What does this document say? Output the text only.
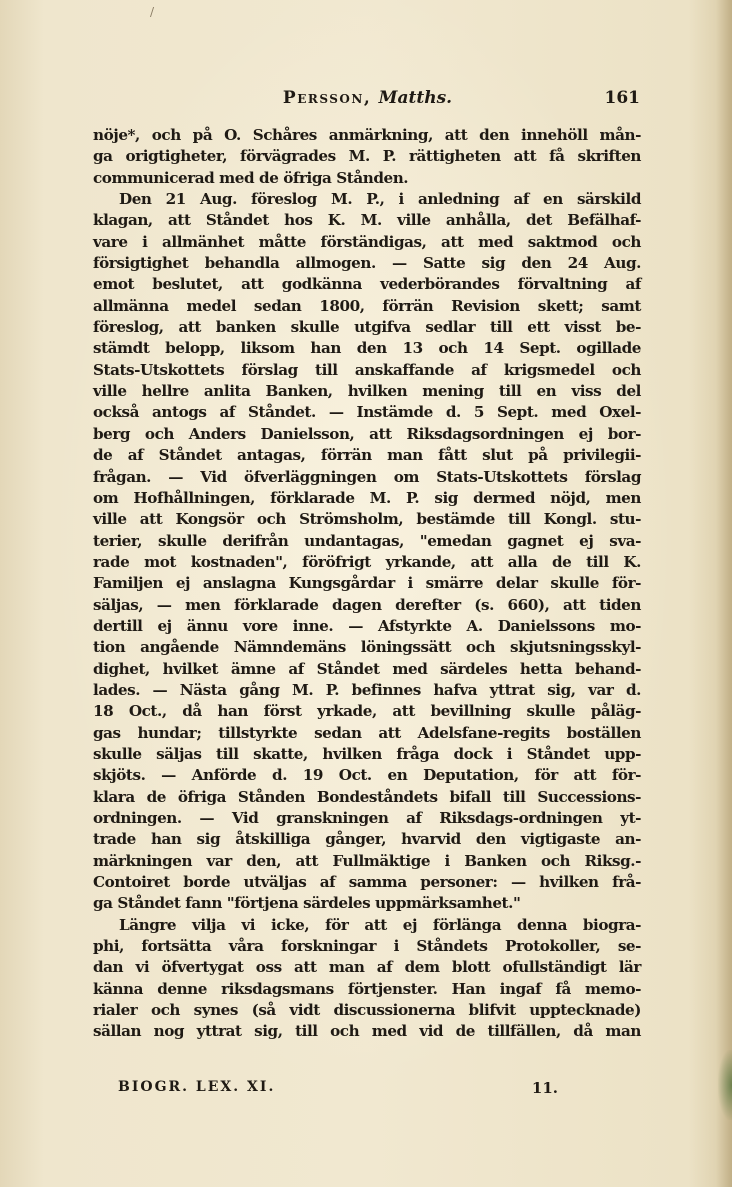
/
Persson, Matths.	161
nöje*, och på O. Schåres anmärkning, att den innehöll mån-
ga origtigheter, förvägrades M. P. rättigheten att få skriften
communicerad med de öfriga Stånden.
Den 21 Aug. föreslog M. P., i anledning af en särskild
klagan, att Ståndet hos K. M. ville anhålla, det Befälhaf-
vare i allmänhet måtte förständigas, att med saktmod och
försigtighet behandla allmogen. — Satte sig den 24 Aug.
emot beslutet, att godkänna vederbörandes förvaltning af
allmänna medel sedan 1800, förrän Revision skett; samt
föreslog, att banken skulle utgifva sedlar till ett visst be-
stämdt belopp, liksom han den 13 och 14 Sept. ogillade
Stats-Utskottets förslag till anskaffande af krigsmedel och
ville hellre anlita Banken, hvilken mening till en viss del
också antogs af Ståndet. — Instämde d. 5 Sept. med Oxel-
berg och Anders Danielsson, att Riksdagsordningen ej bor-
de af Ståndet antagas, förrän man fått slut på privilegii-
frågan. — Vid öfverläggningen om Stats-Utskottets förslag
om Hofhållningen, förklarade M. P. sig dermed nöjd, men
ville att Kongsör och Strömsholm, bestämde till Kongl. stu-
terier, skulle derifrån undantagas, "emedan gagnet ej sva-
rade mot kostnaden", föröfrigt yrkande, att alla de till K.
Familjen ej anslagna Kungsgårdar i smärre delar skulle för-
säljas, — men förklarade dagen derefter (s. 660), att tiden
dertill ej ännu vore inne. — Afstyrkte A. Danielssons mo-
tion angående Nämndemäns löningssätt och skjutsningsskyl-
dighet, hvilket ämne af Ståndet med särdeles hetta behand-
lades. — Nästa gång M. P. befinnes hafva yttrat sig, var d.
18 Oct., då han först yrkade, att bevillning skulle påläg-
gas hundar; tillstyrkte sedan att Adelsfane-regits boställen
skulle säljas till skatte, hvilken fråga dock i Ståndet upp-
skjöts. — Anförde d. 19 Oct. en Deputation, för att för-
klara de öfriga Stånden Bondeståndets bifall till Successions-
ordningen. — Vid granskningen af Riksdags-ordningen yt-
trade han sig åtskilliga gånger, hvarvid den vigtigaste an-
märkningen var den, att Fullmäktige i Banken och Riksg.-
Contoiret borde utväljas af samma personer: — hvilken frå-
ga Ståndet fann "förtjena särdeles uppmärksamhet."
Längre vilja vi icke, för att ej förlänga denna biogra-
phi, fortsätta våra forskningar i Ståndets Protokoller, se-
dan vi öfvertygat oss att man af dem blott ofullständigt lär
känna denne riksdagsmans förtjenster. Han ingaf få memo-
rialer och synes (så vidt discussionerna blifvit upptecknade)
sällan nog yttrat sig, till och med vid de tillfällen, då man
BIOGR. LEX. XI.	11.
